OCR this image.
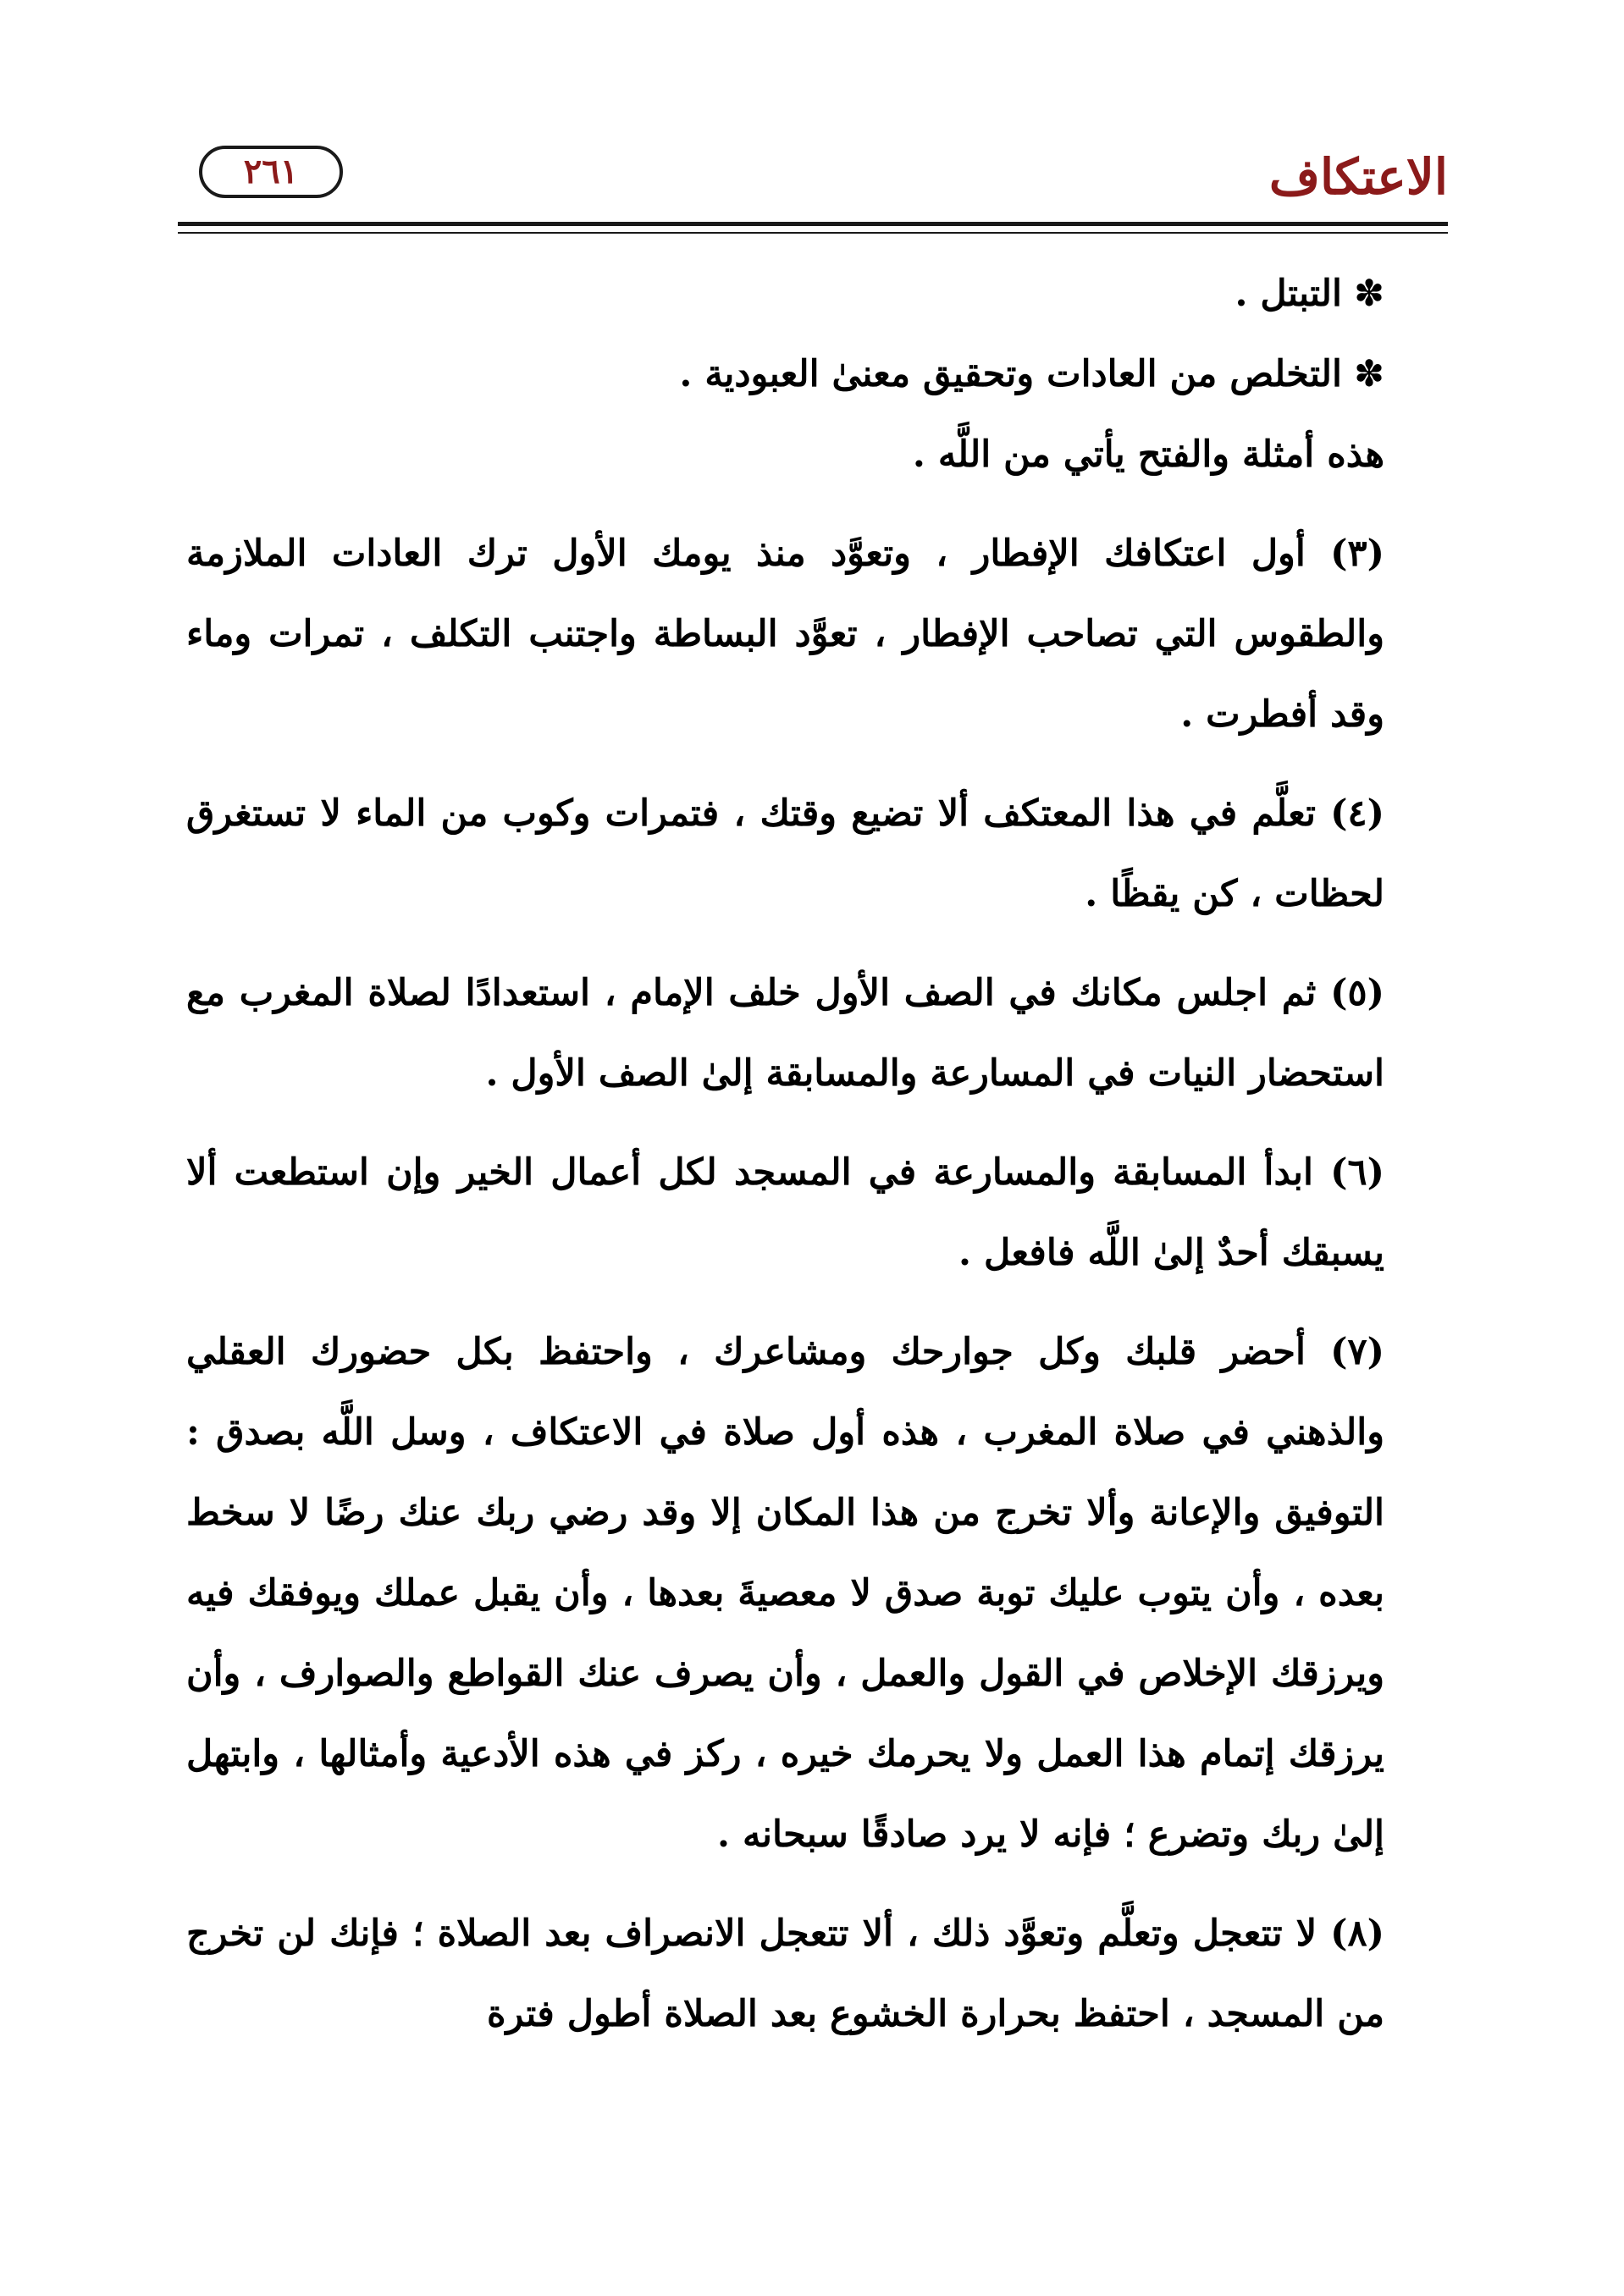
الاعتكاف
٢٦١

✽التبتل .

✽التخلص من العادات وتحقيق معنىٰ العبودية .

هذه أمثلة والفتح يأتي من اللَّه .

(٣) أول اعتكافك الإفطار ، وتعوَّد منذ يومك الأول ترك العادات الملازمة والطقوس التي تصاحب الإفطار ، تعوَّد البساطة واجتنب التكلف ، تمرات وماء وقد أفطرت .

(٤) تعلَّم في هذا المعتكف ألا تضيع وقتك ، فتمرات وكوب من الماء لا تستغرق لحظات ، كن يقظًا .

(٥) ثم اجلس مكانك في الصف الأول خلف الإمام ، استعدادًا لصلاة المغرب مع استحضار النيات في المسارعة والمسابقة إلىٰ الصف الأول .

(٦) ابدأ المسابقة والمسارعة في المسجد لكل أعمال الخير وإن استطعت ألا يسبقك أحدٌ إلىٰ اللَّه فافعل .

(٧) أحضر قلبك وكل جوارحك ومشاعرك ، واحتفظ بكل حضورك العقلي والذهني في صلاة المغرب ، هذه أول صلاة في الاعتكاف ، وسل اللَّه بصدق : التوفيق والإعانة وألا تخرج من هذا المكان إلا وقد رضي ربك عنك رضًا لا سخط بعده ، وأن يتوب عليك توبة صدق لا معصيةَ بعدها ، وأن يقبل عملك ويوفقك فيه ويرزقك الإخلاص في القول والعمل ، وأن يصرف عنك القواطع والصوارف ، وأن يرزقك إتمام هذا العمل ولا يحرمك خيره ، ركز في هذه الأدعية وأمثالها ، وابتهل إلىٰ ربك وتضرع ؛ فإنه لا يرد صادقًا سبحانه .

(٨) لا تتعجل وتعلَّم وتعوَّد ذلك ، ألا تتعجل الانصراف بعد الصلاة ؛ فإنك لن تخرج من المسجد ، احتفظ بحرارة الخشوع بعد الصلاة أطول فترة
